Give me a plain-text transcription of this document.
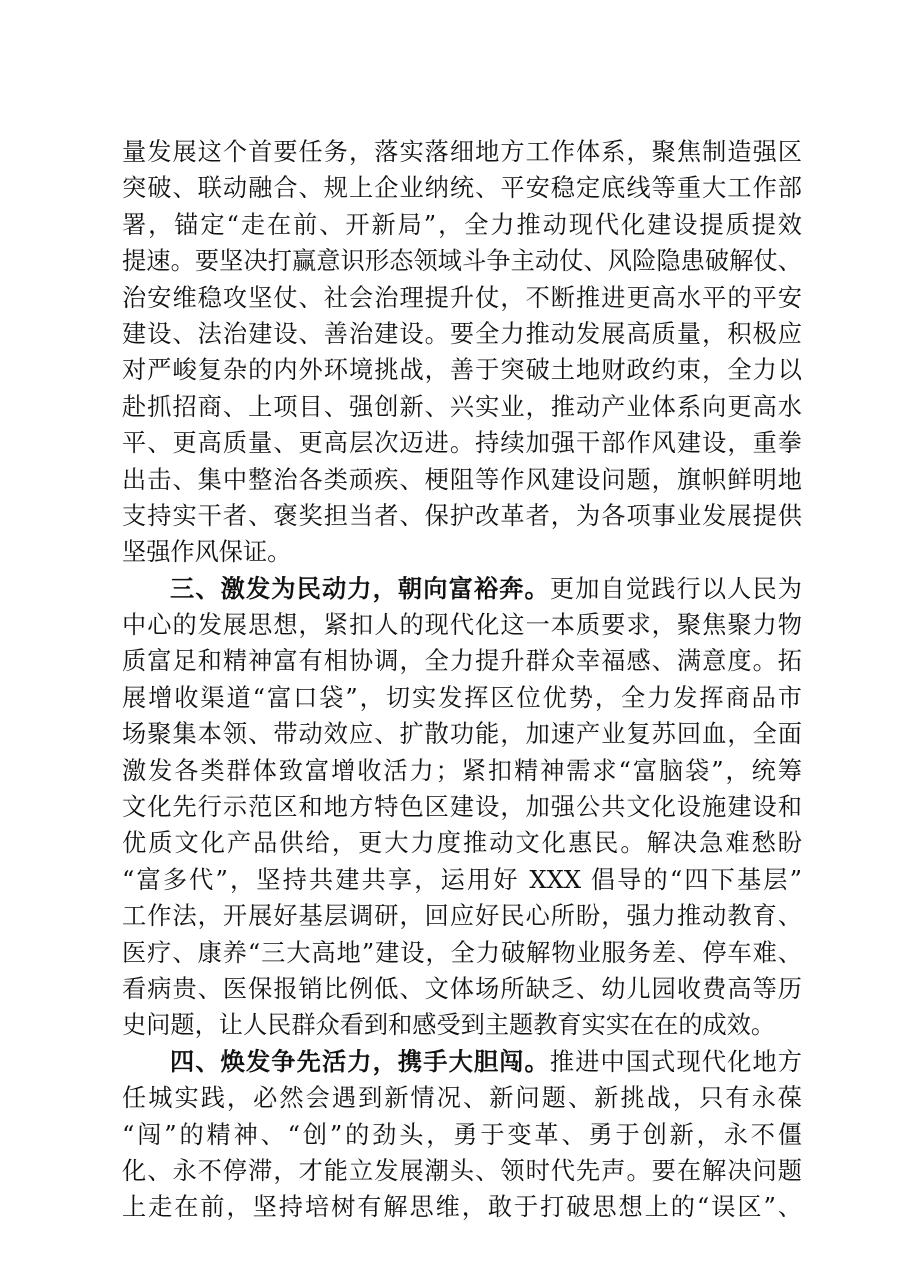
量发展这个首要任务，落实落细地方工作体系，聚焦制造强区
突破、联动融合、规上企业纳统、平安稳定底线等重大工作部
署，锚定“走在前、开新局”，全力推动现代化建设提质提效
提速。要坚决打赢意识形态领域斗争主动仗、风险隐患破解仗、
治安维稳攻坚仗、社会治理提升仗，不断推进更高水平的平安
建设、法治建设、善治建设。要全力推动发展高质量，积极应
对严峻复杂的内外环境挑战，善于突破土地财政约束，全力以
赴抓招商、上项目、强创新、兴实业，推动产业体系向更高水
平、更高质量、更高层次迈进。持续加强干部作风建设，重拳
出击、集中整治各类顽疾、梗阻等作风建设问题，旗帜鲜明地
支持实干者、褒奖担当者、保护改革者，为各项事业发展提供
坚强作风保证。
三、激发为民动力，朝向富裕奔。更加自觉践行以人民为
中心的发展思想，紧扣人的现代化这一本质要求，聚焦聚力物
质富足和精神富有相协调，全力提升群众幸福感、满意度。拓
展增收渠道“富口袋”，切实发挥区位优势，全力发挥商品市
场聚集本领、带动效应、扩散功能，加速产业复苏回血，全面
激发各类群体致富增收活力；紧扣精神需求“富脑袋”，统筹
文化先行示范区和地方特色区建设，加强公共文化设施建设和
优质文化产品供给，更大力度推动文化惠民。解决急难愁盼
“富多代”，坚持共建共享，运用好 XXX 倡导的“四下基层”
工作法，开展好基层调研，回应好民心所盼，强力推动教育、
医疗、康养“三大高地”建设，全力破解物业服务差、停车难、
看病贵、医保报销比例低、文体场所缺乏、幼儿园收费高等历
史问题，让人民群众看到和感受到主题教育实实在在的成效。
四、焕发争先活力，携手大胆闯。推进中国式现代化地方
任城实践，必然会遇到新情况、新问题、新挑战，只有永葆
“闯”的精神、“创”的劲头，勇于变革、勇于创新，永不僵
化、永不停滞，才能立发展潮头、领时代先声。要在解决问题
上走在前，坚持培树有解思维，敢于打破思想上的“误区”、
